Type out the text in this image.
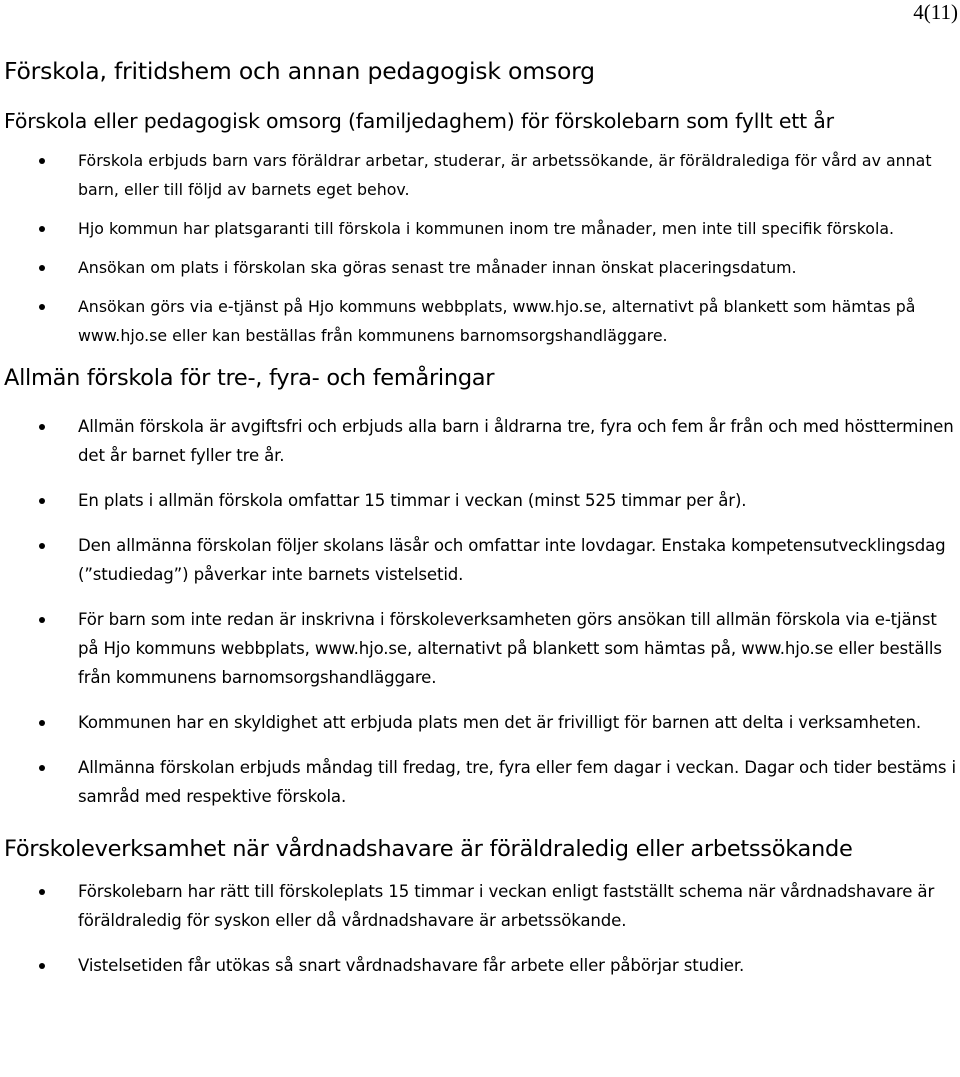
4(11)
Förskola, fritidshem och annan pedagogisk omsorg
Förskola eller pedagogisk omsorg (familjedaghem) för förskolebarn som fyllt ett år
Förskola erbjuds barn vars föräldrar arbetar, studerar, är arbetssökande, är föräldralediga för vård av annat barn, eller till följd av barnets eget behov.
Hjo kommun har platsgaranti till förskola i kommunen inom tre månader, men inte till specifik förskola.
Ansökan om plats i förskolan ska göras senast tre månader innan önskat placeringsdatum.
Ansökan görs via e-tjänst på Hjo kommuns webbplats, www.hjo.se, alternativt på blankett som hämtas på www.hjo.se eller kan beställas från kommunens barnomsorgshandläggare.
Allmän förskola för tre-, fyra- och femåringar
Allmän förskola är avgiftsfri och erbjuds alla barn i åldrarna tre, fyra och fem år från och med höstterminen det år barnet fyller tre år.
En plats i allmän förskola omfattar 15 timmar i veckan (minst 525 timmar per år).
Den allmänna förskolan följer skolans läsår och omfattar inte lovdagar. Enstaka kompetensutvecklingsdag (”studiedag”) påverkar inte barnets vistelsetid.
För barn som inte redan är inskrivna i förskoleverksamheten görs ansökan till allmän förskola via e-tjänst på Hjo kommuns webbplats, www.hjo.se, alternativt på blankett som hämtas på, www.hjo.se eller beställs från kommunens barnomsorgshandläggare.
Kommunen har en skyldighet att erbjuda plats men det är frivilligt för barnen att delta i verksamheten.
Allmänna förskolan erbjuds måndag till fredag, tre, fyra eller fem dagar i veckan. Dagar och tider bestäms i samråd med respektive förskola.
Förskoleverksamhet när vårdnadshavare är föräldraledig eller arbetssökande
Förskolebarn har rätt till förskoleplats 15 timmar i veckan enligt fastställt schema när vårdnadshavare är föräldraledig för syskon eller då vårdnadshavare är arbetssökande.
Vistelsetiden får utökas så snart vårdnadshavare får arbete eller påbörjar studier.
